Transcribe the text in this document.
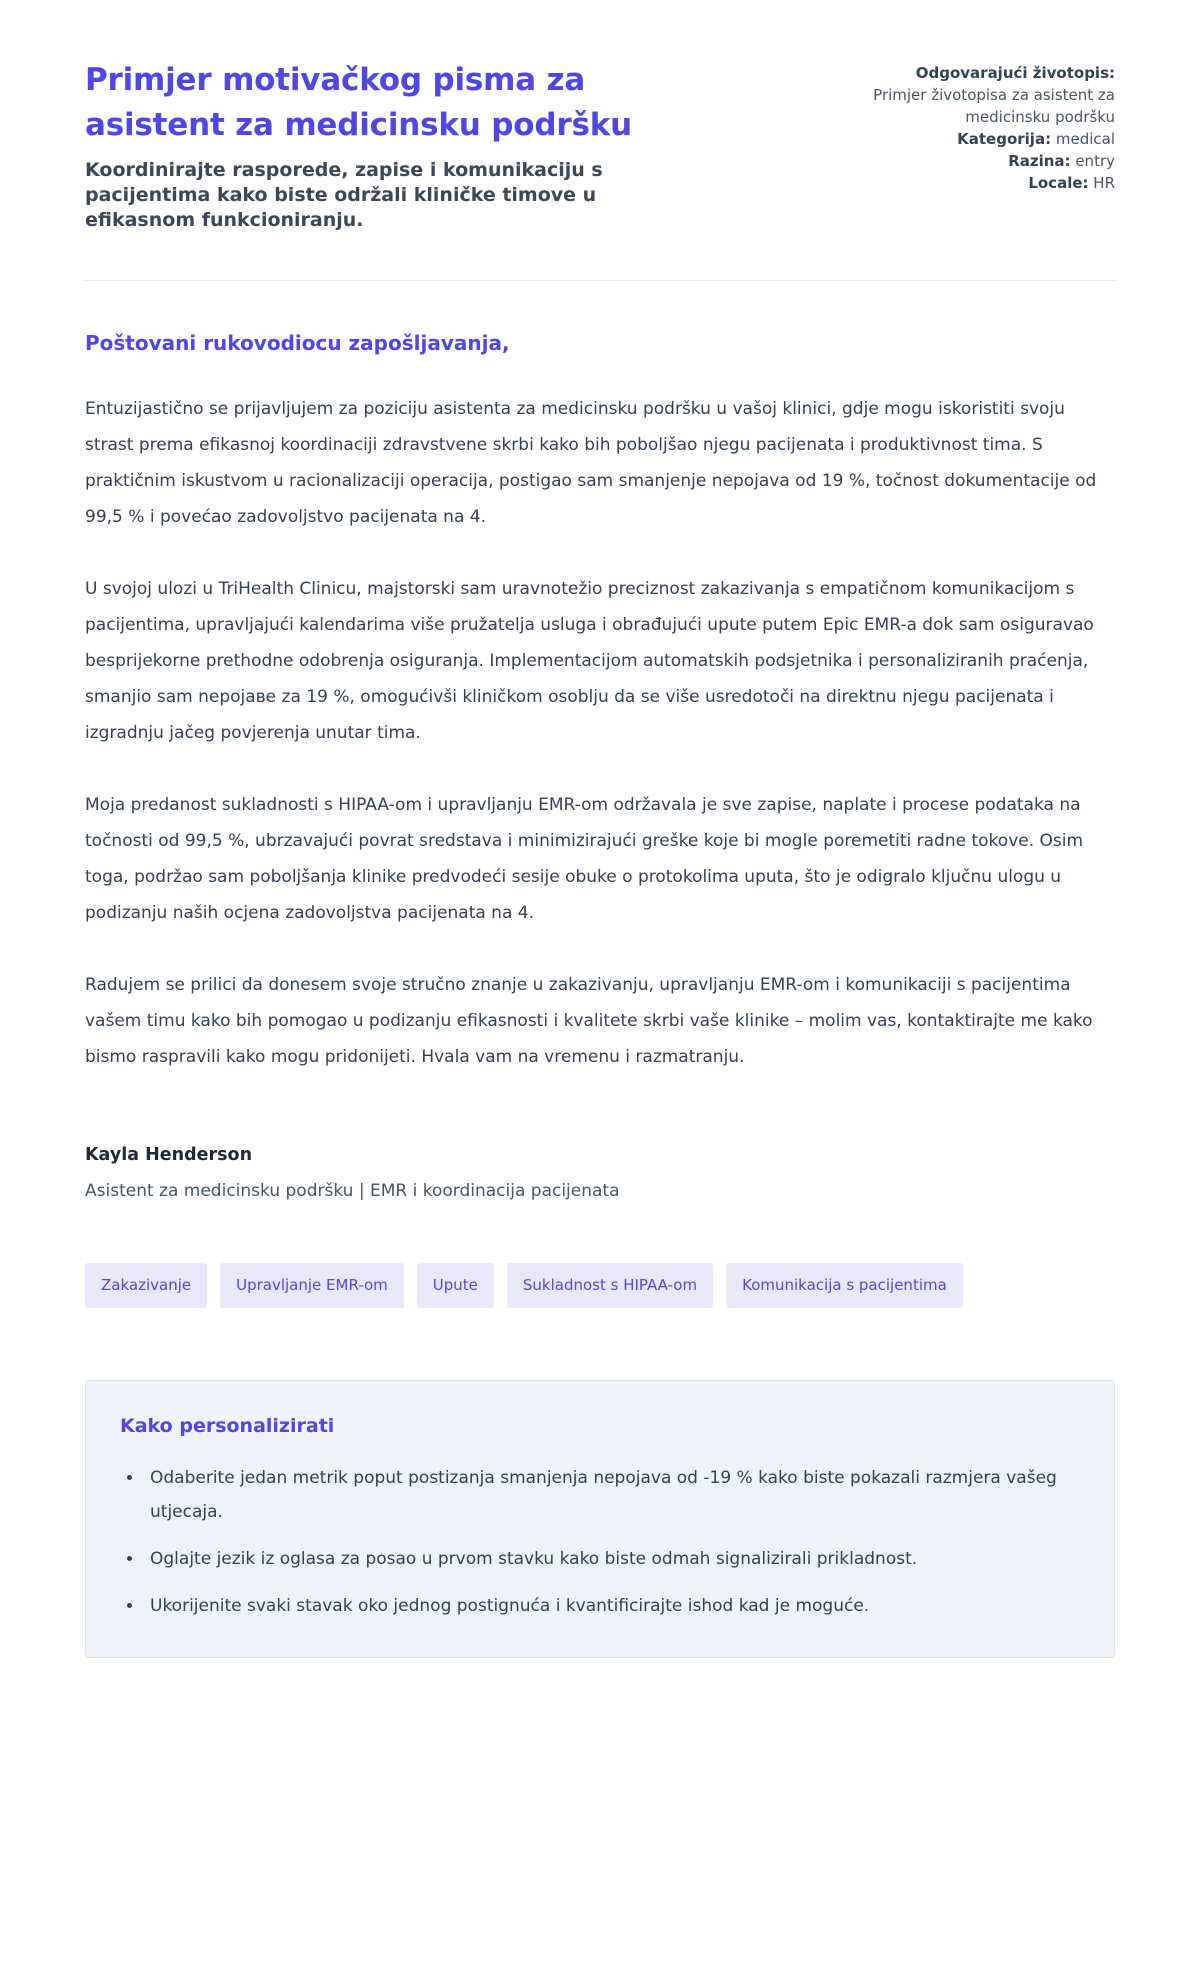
Primjer motivačkog pisma za asistent za medicinsku podršku
Koordinirajte rasporede, zapise i komunikaciju s pacijentima kako biste održali kliničke timove u efikasnom funkcioniranju.
Odgovarajući životopis:
Primjer životopisa za asistent za medicinsku podršku
Kategorija: medical
Razina: entry
Locale: HR
Poštovani rukovodiocu zapošljavanja,

Entuzijastično se prijavljujem za poziciju asistenta za medicinsku podršku u vašoj klinici, gdje mogu iskoristiti svoju strast prema efikasnoj koordinaciji zdravstvene skrbi kako bih poboljšao njegu pacijenata i produktivnost tima. S praktičnim iskustvom u racionalizaciji operacija, postigao sam smanjenje nepojava od 19 %, točnost dokumentacije od 99,5 % i povećao zadovoljstvo pacijenata na 4.

U svojoj ulozi u TriHealth Clinicu, majstorski sam uravnotežio preciznost zakazivanja s empatičnom komunikacijom s pacijentima, upravljajući kalendarima više pružatelja usluga i obrađujući upute putem Epic EMR-a dok sam osiguravao besprijekorne prethodne odobrenja osiguranja. Implementacijom automatskih podsjetnika i personaliziranih praćenja, smanjio sam nepojaве za 19 %, omogućivši kliničkom osoblju da se više usredotoči na direktnu njegu pacijenata i izgradnju jačeg povjerenja unutar tima.

Moja predanost sukladnosti s HIPAA-om i upravljanju EMR-om održavala je sve zapise, naplate i procese podataka na točnosti od 99,5 %, ubrzavajući povrat sredstava i minimizirajući greške koje bi mogle poremetiti radne tokove. Osim toga, podržao sam poboljšanja klinike predvodeći sesije obuke o protokolima uputa, što je odigralo ključnu ulogu u podizanju naših ocjena zadovoljstva pacijenata na 4.

Radujem se prilici da donesem svoje stručno znanje u zakazivanju, upravljanju EMR-om i komunikaciji s pacijentima vašem timu kako bih pomogao u podizanju efikasnosti i kvalitete skrbi vaše klinike – molim vas, kontaktirajte me kako bismo raspravili kako mogu pridonijeti. Hvala vam na vremenu i razmatranju.

Kayla Henderson
Asistent za medicinsku podršku | EMR i koordinacija pacijenata
Zakazivanje	Upravljanje EMR-om	Upute	Sukladnost s HIPAA-om	Komunikacija s pacijentima
Kako personalizirati
• Odaberite jedan metrik poput postizanja smanjenja nepojava od -19 % kako biste pokazali razmjera vašeg utjecaja.
• Oglajte jezik iz oglasa za posao u prvom stavku kako biste odmah signalizirali prikladnost.
• Ukorijenite svaki stavak oko jednog postignuća i kvantificirajte ishod kad je moguće.
